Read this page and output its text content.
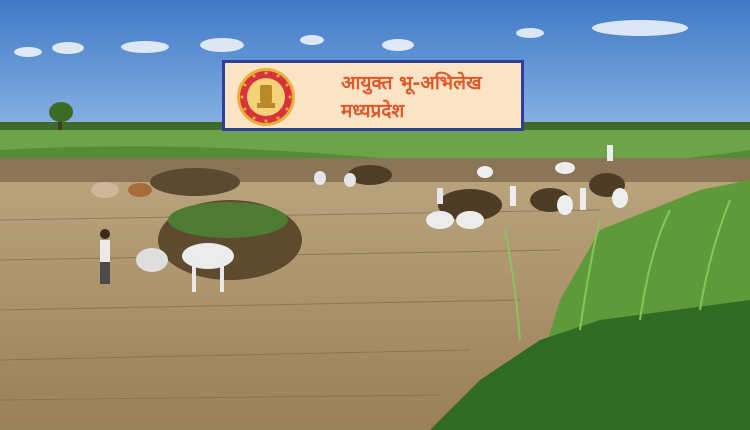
आयुक्त भू-अभिलेख
मध्यप्रदेश
